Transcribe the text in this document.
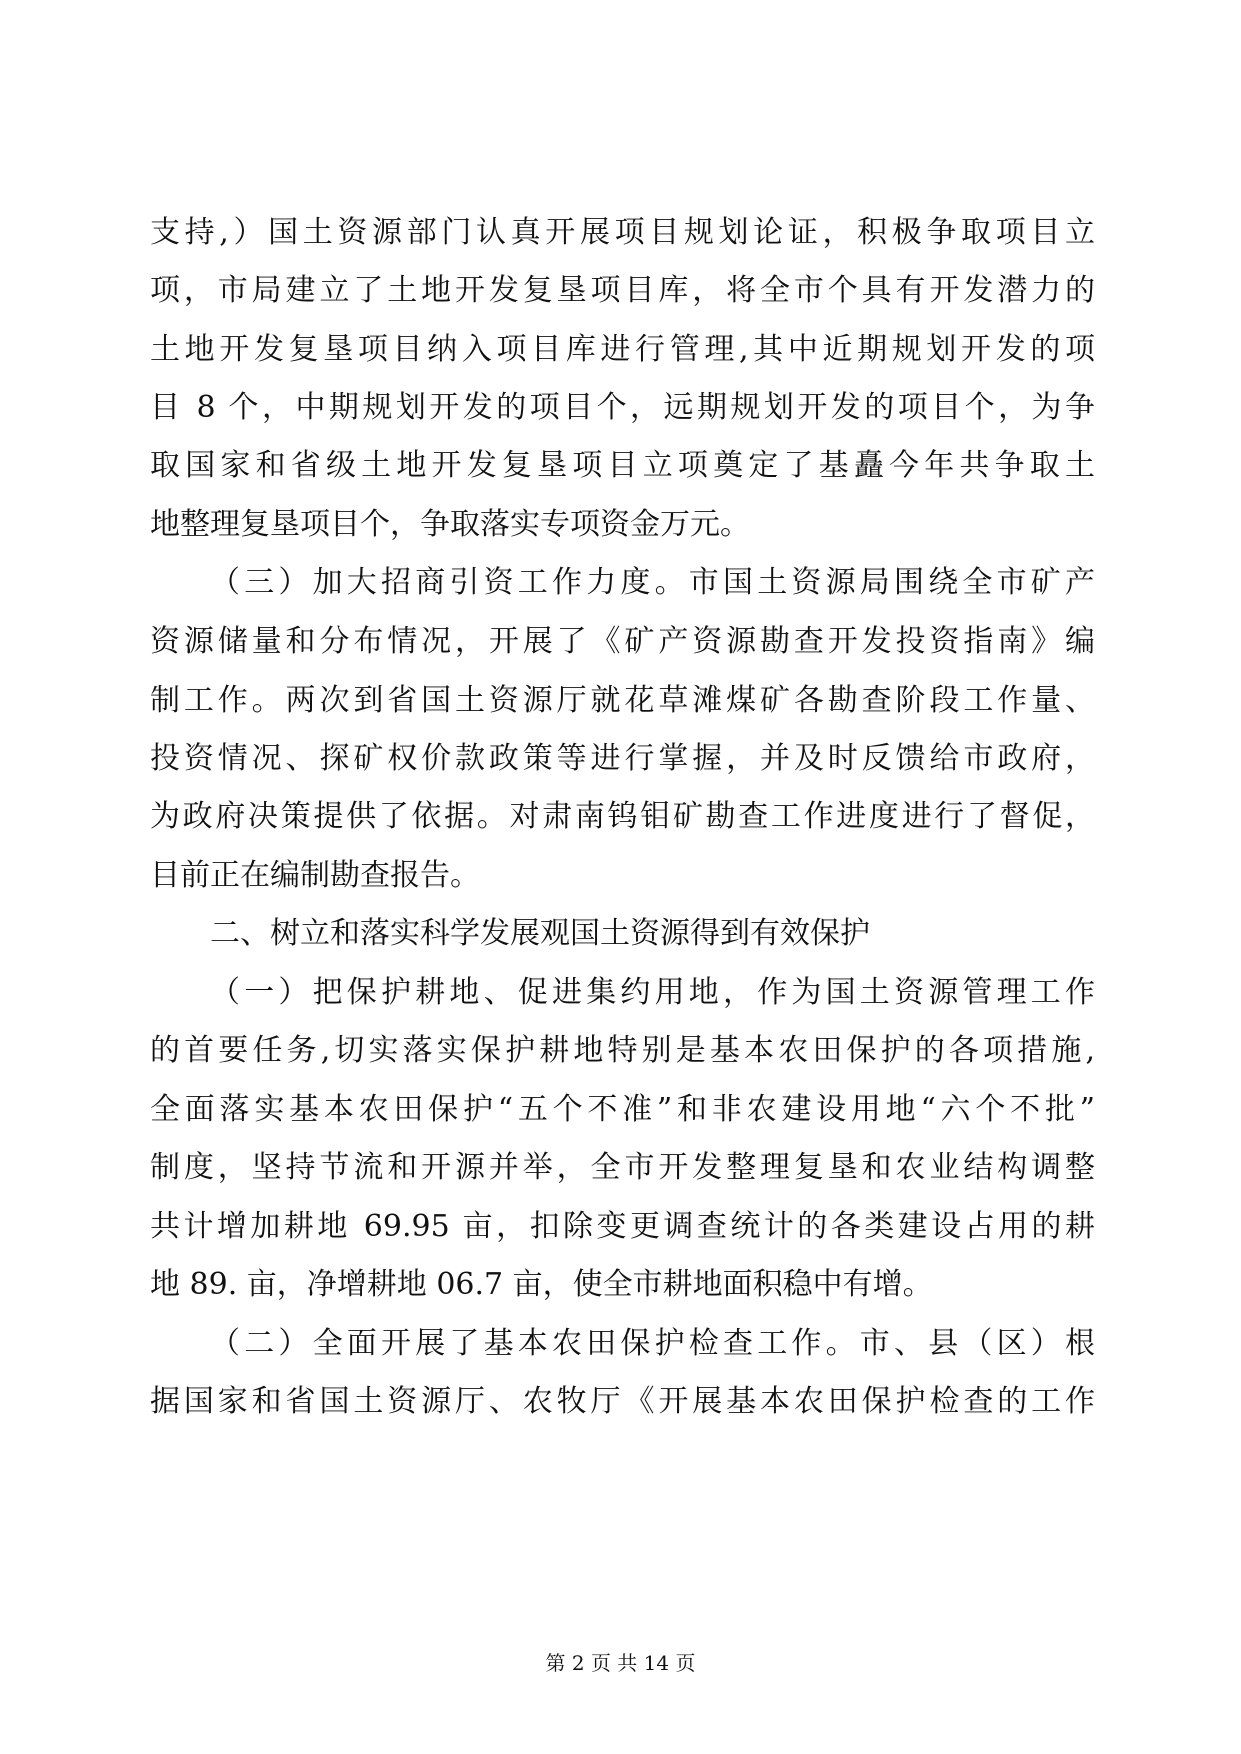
支持,）国土资源部门认真开展项目规划论证，积极争取项目立
项，市局建立了土地开发复垦项目库，将全市个具有开发潜力的
土地开发复垦项目纳入项目库进行管理,其中近期规划开发的项
目 8 个，中期规划开发的项目个，远期规划开发的项目个，为争
取国家和省级土地开发复垦项目立项奠定了基矗今年共争取土
地整理复垦项目个，争取落实专项资金万元。
（三）加大招商引资工作力度。市国土资源局围绕全市矿产
资源储量和分布情况，开展了《矿产资源勘查开发投资指南》编
制工作。两次到省国土资源厅就花草滩煤矿各勘查阶段工作量、
投资情况、探矿权价款政策等进行掌握，并及时反馈给市政府，
为政府决策提供了依据。对肃南钨钼矿勘查工作进度进行了督促，
目前正在编制勘查报告。
二、树立和落实科学发展观国土资源得到有效保护
（一）把保护耕地、促进集约用地，作为国土资源管理工作
的首要任务,切实落实保护耕地特别是基本农田保护的各项措施,
全面落实基本农田保护“五个不准”和非农建设用地“六个不批”
制度，坚持节流和开源并举，全市开发整理复垦和农业结构调整
共计增加耕地 69.95 亩，扣除变更调查统计的各类建设占用的耕
地 89. 亩，净增耕地 06.7 亩，使全市耕地面积稳中有增。
（二）全面开展了基本农田保护检查工作。市、县（区）根
据国家和省国土资源厅、农牧厅《开展基本农田保护检查的工作
第 2 页 共 14 页
